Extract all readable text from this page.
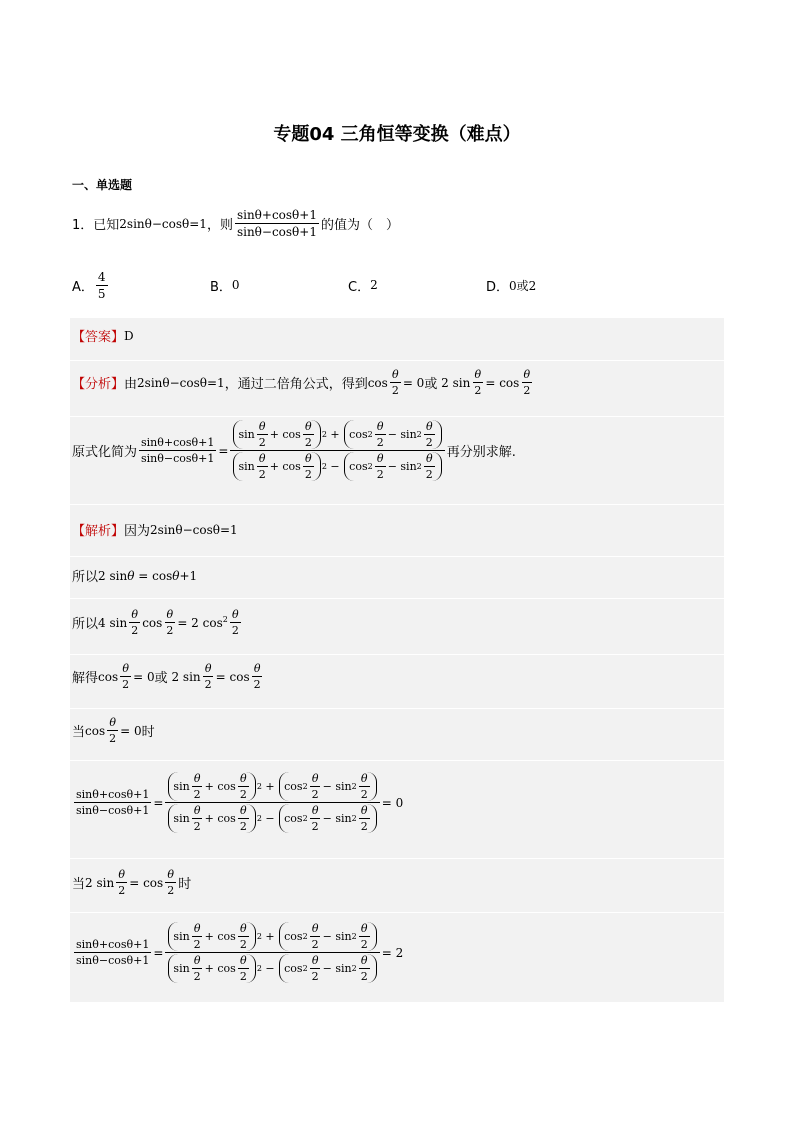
专题04 三角恒等变换（难点）
一、单选题
1．已知 2sinθ−cosθ=1 ，则 $\frac{\sin\theta+\cos\theta+1}{\sin\theta-\cos\theta+1}$ 的值为（　）
A． $\frac{4}{5}$	B． 0	C． 2	D． 0或2
【答案】 D
【分析】 由 2sinθ−cosθ=1 ，通过二倍角公式，得到 $\cos \frac{\theta}{2} = 0$ 或 2 $\sin \frac{\theta}{2} = \cos \frac{\theta}{2}$
原式化简为 $\frac{\sin\theta+\cos\theta+1}{\sin\theta-\cos\theta+1} = \frac{\sin \frac{\theta}{2} + \cos \frac{\theta}{2} 2 + \cos 2 \frac{\theta}{2} - \sin 2 \frac{\theta}{2}}{\sin \frac{\theta}{2} + \cos \frac{\theta}{2} 2 - \cos 2 \frac{\theta}{2} - \sin 2 \frac{\theta}{2}}$ 再分别求解.
【解析】 因为 2sinθ−cosθ=1
所以 2 sinθ = cosθ+1
所以 4 $\sin \frac{\theta}{2}$ $\cos \frac{\theta}{2} = 2$ $\cos^2 \frac{\theta}{2}$
解得 $\cos \frac{\theta}{2} = 0$ 或 2 $\sin \frac{\theta}{2} = \cos \frac{\theta}{2}$
当 $\cos \frac{\theta}{2} = 0$ 时
$\frac{\sin\theta+\cos\theta+1}{\sin\theta-\cos\theta+1} = \frac{\sin \frac{\theta}{2} + \cos \frac{\theta}{2} 2 + \cos 2 \frac{\theta}{2} - \sin 2 \frac{\theta}{2}}{\sin \frac{\theta}{2} + \cos \frac{\theta}{2} 2 - \cos 2 \frac{\theta}{2} - \sin 2 \frac{\theta}{2}} = 0$
当 2 $\sin \frac{\theta}{2} = \cos \frac{\theta}{2}$ 时
$\frac{\sin\theta+\cos\theta+1}{\sin\theta-\cos\theta+1} = \frac{\sin \frac{\theta}{2} + \cos \frac{\theta}{2} 2 + \cos 2 \frac{\theta}{2} - \sin 2 \frac{\theta}{2}}{\sin \frac{\theta}{2} + \cos \frac{\theta}{2} 2 - \cos 2 \frac{\theta}{2} - \sin 2 \frac{\theta}{2}} = 2$
